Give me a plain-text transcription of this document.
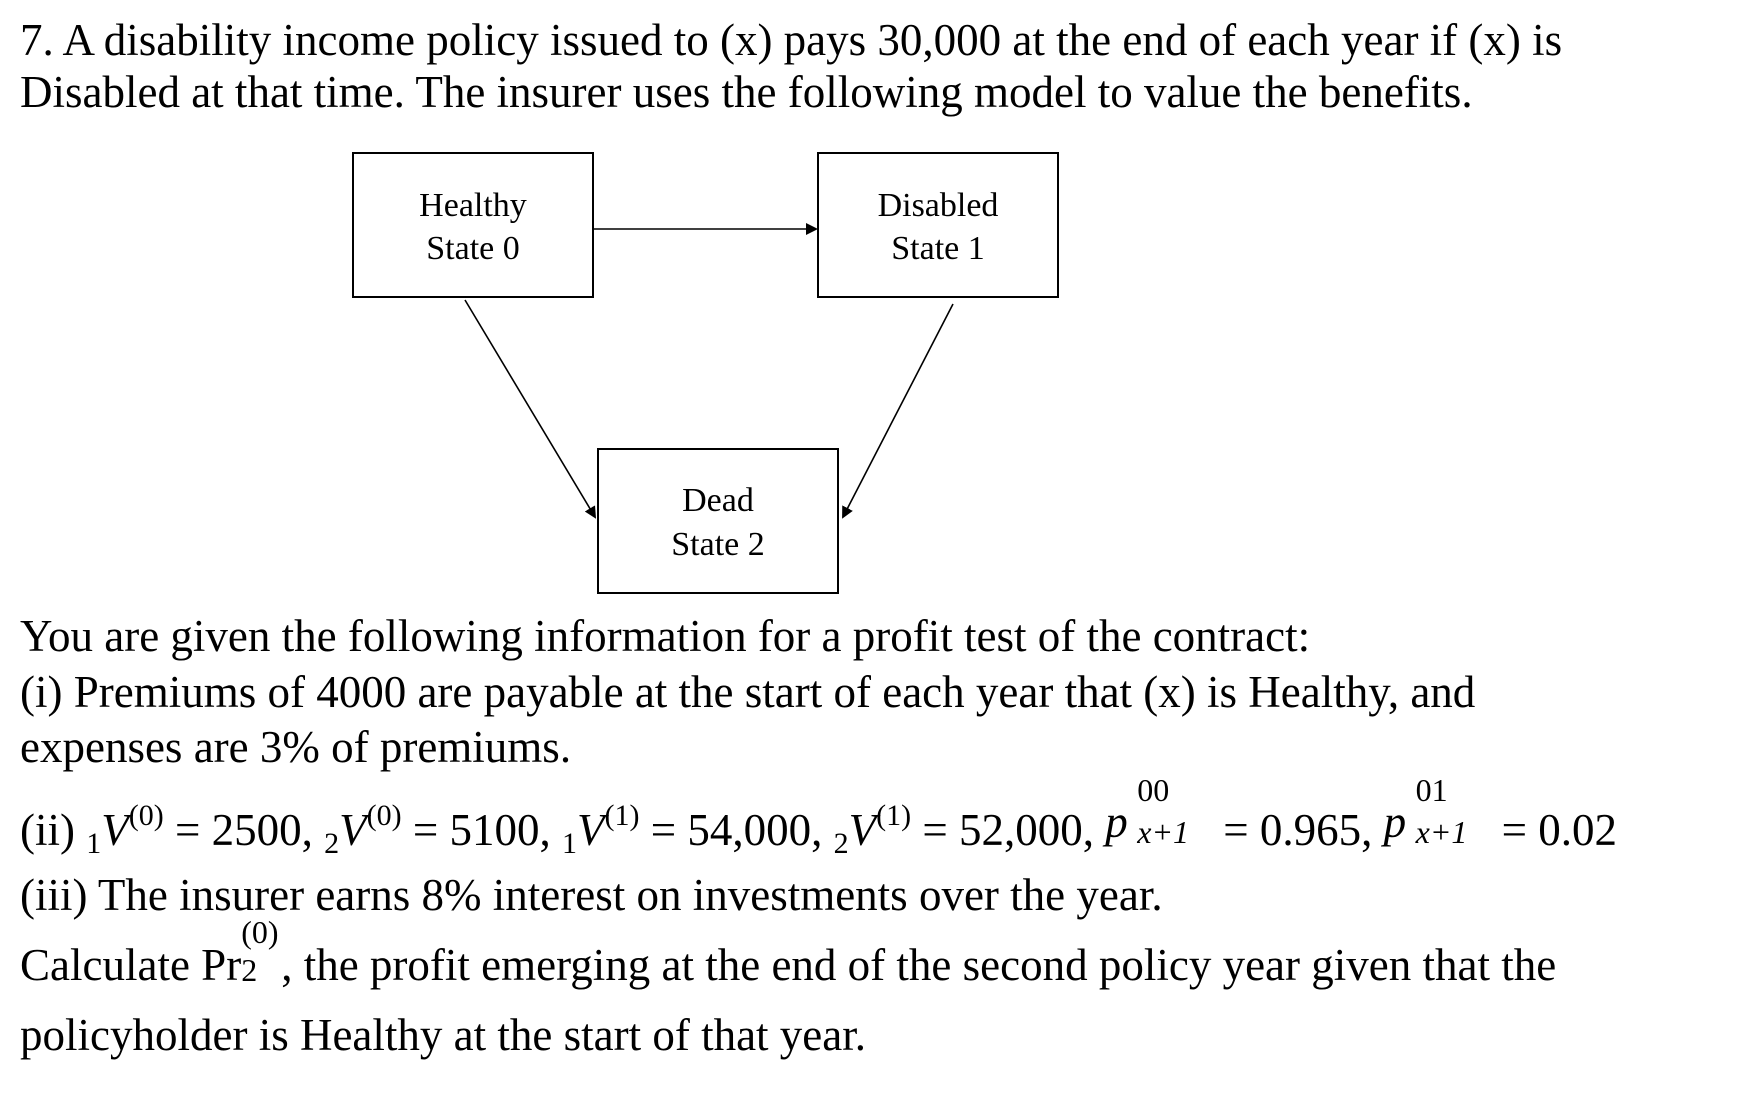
7. A disability income policy issued to (x) pays 30,000 at the end of each year if (x) is
Disabled at that time. The insurer uses the following model to value the benefits.
Healthy
State 0
Disabled
State 1
Dead
State 2
You are given the following information for a profit test of the contract:
(i) Premiums of 4000 are payable at the start of each year that (x) is Healthy, and
expenses are 3% of premiums.
(ii) $1V^{(0)} = 2500$, $2V^{(0)} = 5100$, $1V^{(1)} = 54,000$, $2V^{(1)} = 52,000$, p
00
x+1 = 0.965, p
01
x+1 = 0.02
(iii) The insurer earns 8% interest on investments over the year.
Calculate Pr
(0)
2 , the profit emerging at the end of the second policy year given that the
policyholder is Healthy at the start of that year.
